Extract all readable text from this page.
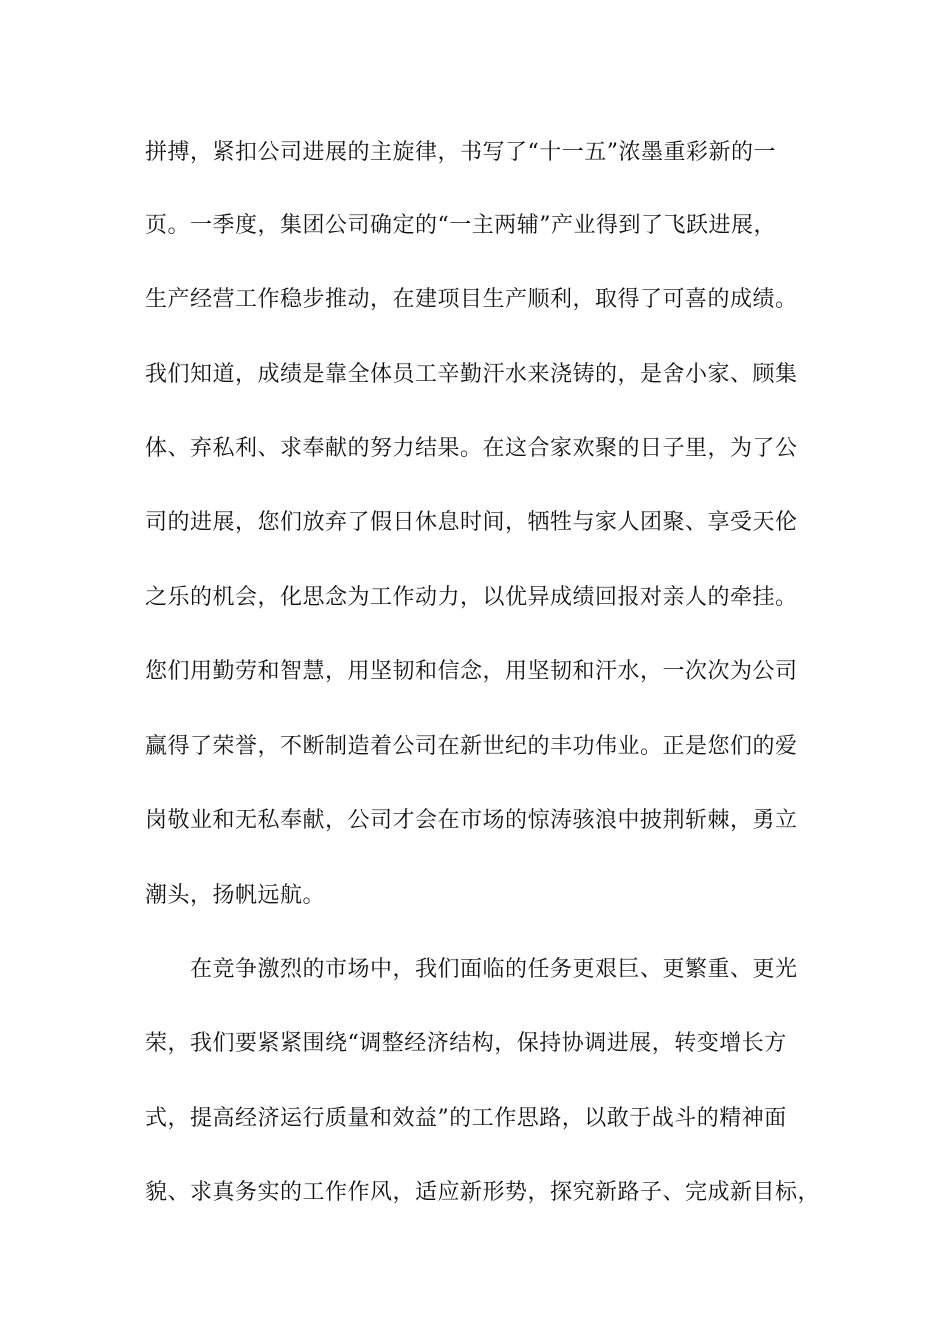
拼搏，紧扣公司进展的主旋律，书写了“十一五”浓墨重彩新的一
页。一季度，集团公司确定的“一主两辅”产业得到了飞跃进展，
生产经营工作稳步推动，在建项目生产顺利，取得了可喜的成绩。
我们知道，成绩是靠全体员工辛勤汗水来浇铸的，是舍小家、顾集
体、弃私利、求奉献的努力结果。在这合家欢聚的日子里，为了公
司的进展，您们放弃了假日休息时间，牺牲与家人团聚、享受天伦
之乐的机会，化思念为工作动力，以优异成绩回报对亲人的牵挂。
您们用勤劳和智慧，用坚韧和信念，用坚韧和汗水，一次次为公司
赢得了荣誉，不断制造着公司在新世纪的丰功伟业。正是您们的爱
岗敬业和无私奉献，公司才会在市场的惊涛骇浪中披荆斩棘，勇立
潮头，扬帆远航。
在竞争激烈的市场中，我们面临的任务更艰巨、更繁重、更光
荣，我们要紧紧围绕“调整经济结构，保持协调进展，转变增长方
式，提高经济运行质量和效益”的工作思路，以敢于战斗的精神面
貌、求真务实的工作作风，适应新形势，探究新路子、完成新目标，
